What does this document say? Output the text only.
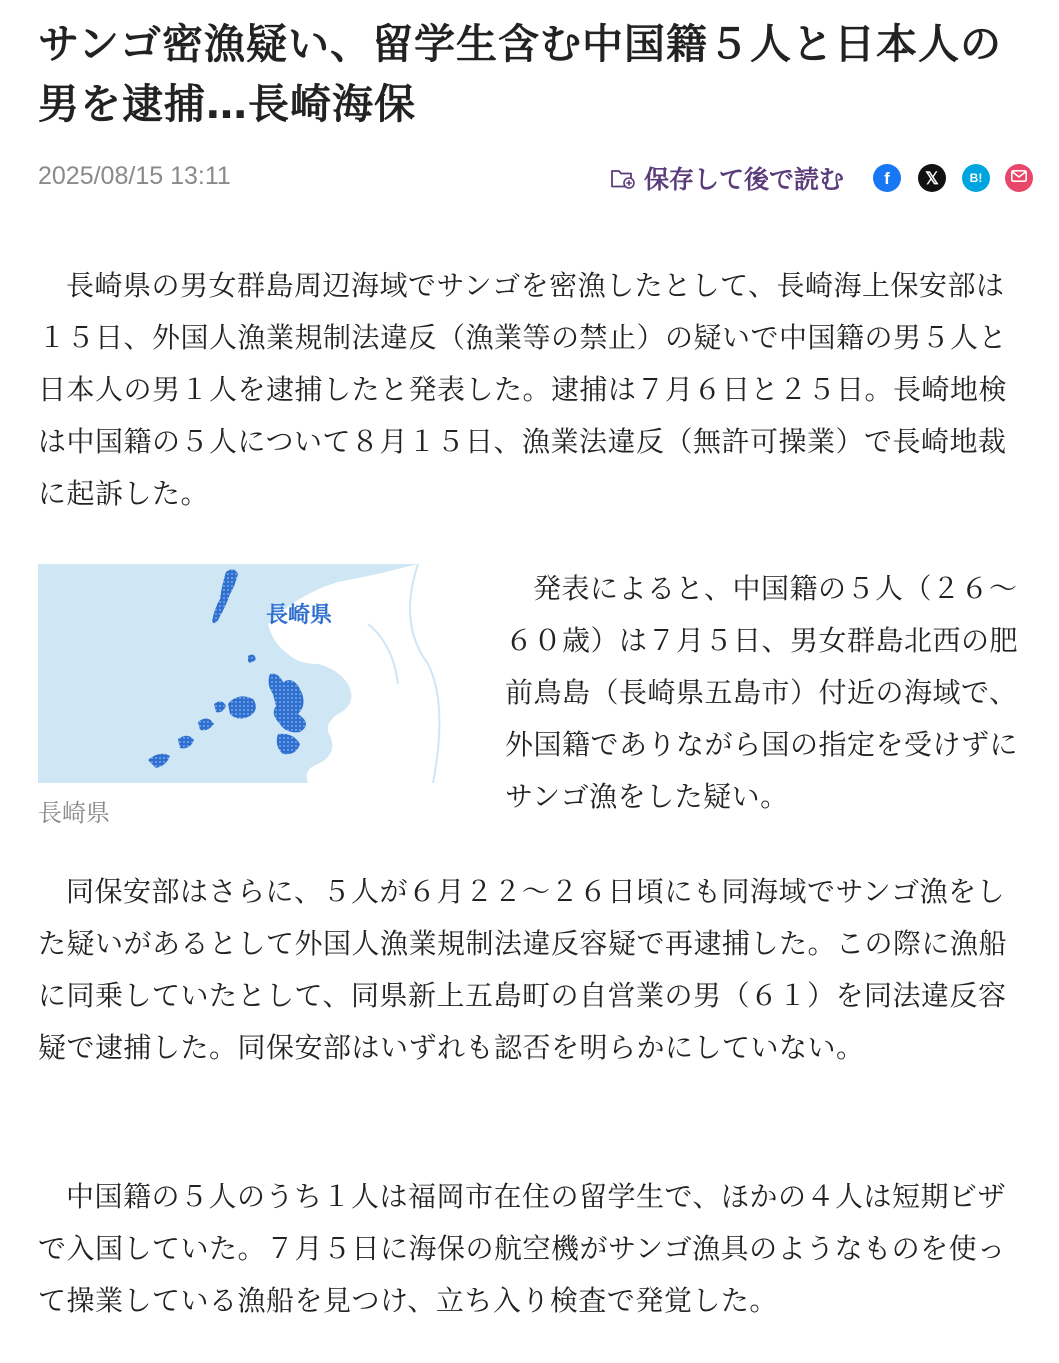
サンゴ密漁疑い、留学生含む中国籍５人と日本人の男を逮捕…長崎海保
2025/08/15 13:11	保存して後で読む f 𝕏	B!

長崎県の男女群島周辺海域でサンゴを密漁したとして、長崎海上保安部は１５日、外国人漁業規制法違反（漁業等の禁止）の疑いで中国籍の男５人と日本人の男１人を逮捕したと発表した。逮捕は７月６日と２５日。長崎地検は中国籍の５人について８月１５日、漁業法違反（無許可操業）で長崎地裁に起訴した。

長崎県
長崎県

発表によると、中国籍の５人（２６～６０歳）は７月５日、男女群島北西の肥前鳥島（長崎県五島市）付近の海域で、外国籍でありながら国の指定を受けずにサンゴ漁をした疑い。

同保安部はさらに、５人が６月２２～２６日頃にも同海域でサンゴ漁をした疑いがあるとして外国人漁業規制法違反容疑で再逮捕した。この際に漁船に同乗していたとして、同県新上五島町の自営業の男（６１）を同法違反容疑で逮捕した。同保安部はいずれも認否を明らかにしていない。

中国籍の５人のうち１人は福岡市在住の留学生で、ほかの４人は短期ビザで入国していた。７月５日に海保の航空機がサンゴ漁具のようなものを使って操業している漁船を見つけ、立ち入り検査で発覚した。
